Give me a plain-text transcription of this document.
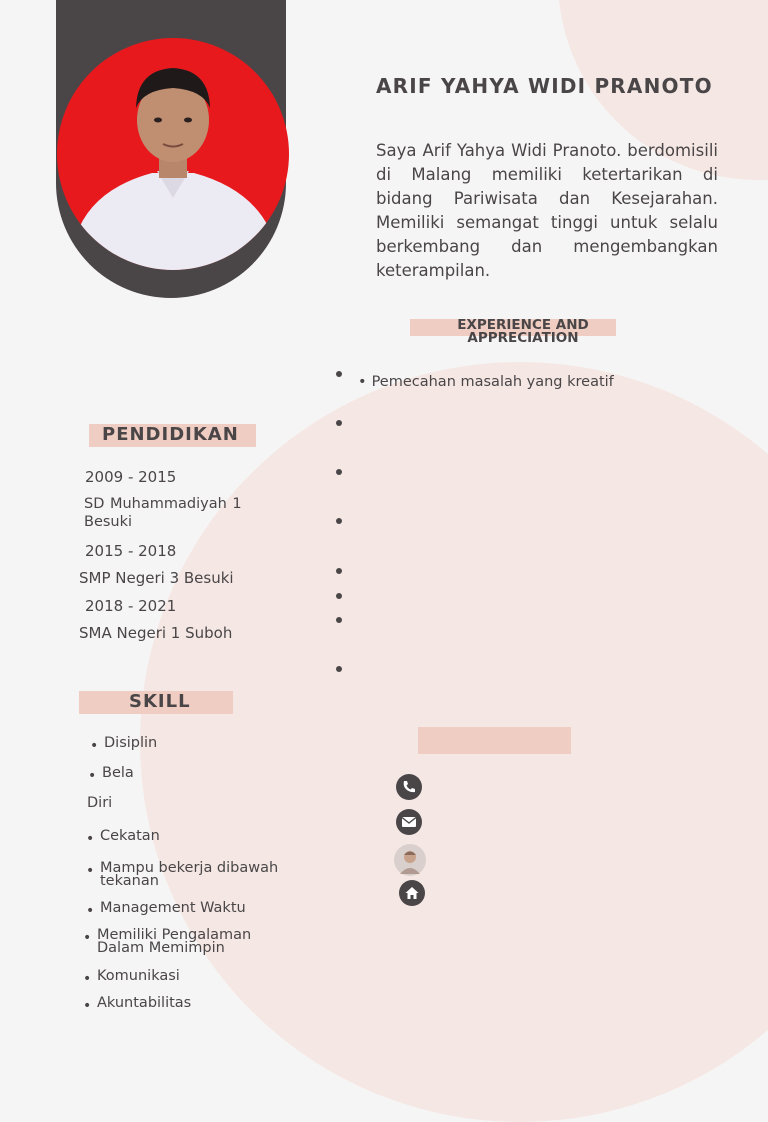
ARIF YAHYA WIDI PRANOTO

Saya Arif Yahya Widi Pranoto. berdomisili di Malang memiliki ketertarikan di bidang Pariwisata dan Kesejarahan. Memiliki semangat tinggi untuk selalu berkembang dan mengembangkan keterampilan.

EXPERIENCE AND APPRECIATION
• Pemecahan masalah yang kreatif
PENDIDIKAN
2009 - 2015
SD Muhammadiyah 1 Besuki
2015 - 2018
SMP Negeri 3 Besuki
2018 - 2021
SMA Negeri 1 Suboh
SKILL
• Disiplin
• Bela
Diri
• Cekatan
• Mampu bekerja dibawah tekanan
• Management Waktu
• Memiliki Pengalaman Dalam Memimpin
• Komunikasi
• Akuntabilitas
